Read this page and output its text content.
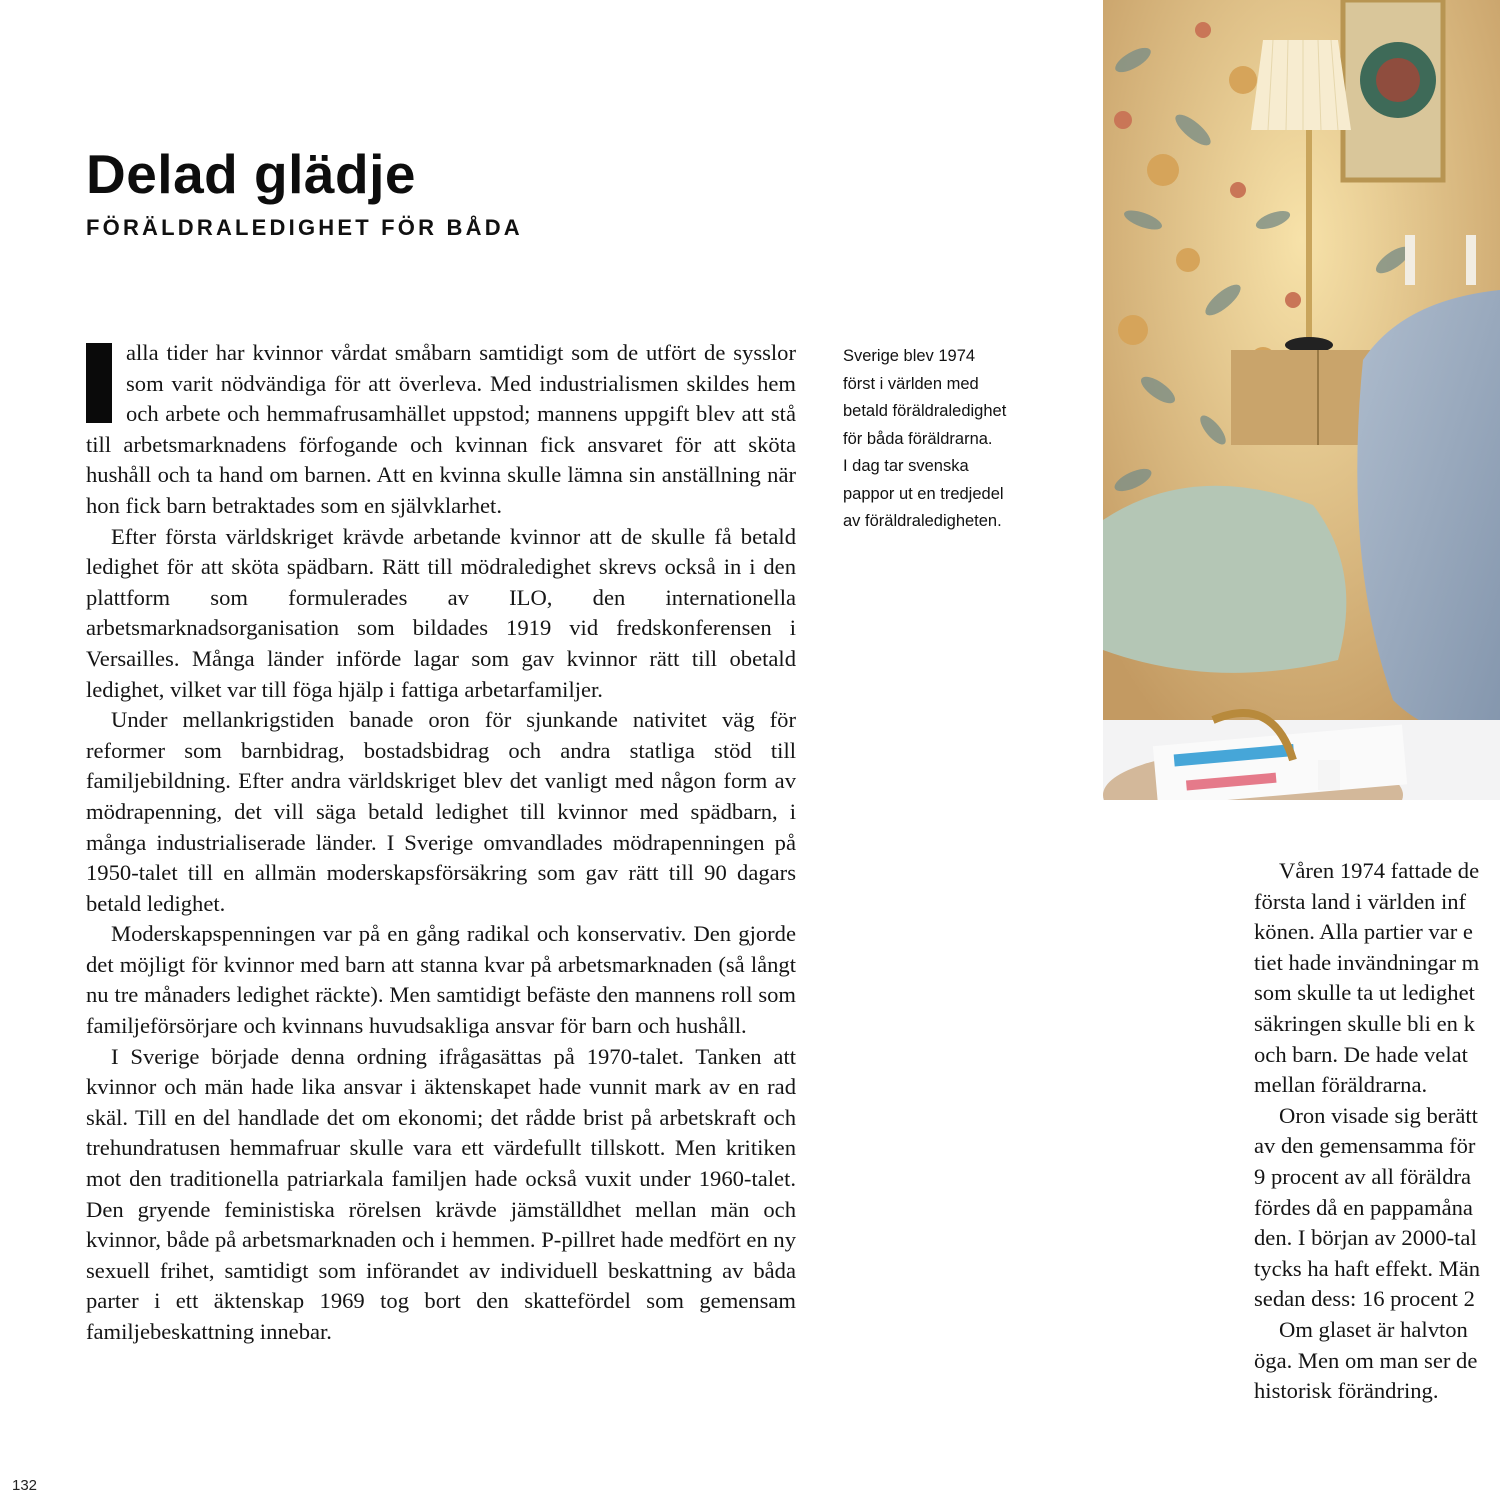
Delad glädje
FÖRÄLDRALEDIGHET FÖR BÅDA

alla tider har kvinnor vårdat småbarn samtidigt som de utfört de sysslor som varit nödvändiga för att överleva. Med industrialismen skildes hem och arbete och hemmafrusamhället uppstod; mannens uppgift blev att stå till arbetsmarknadens förfogande och kvinnan fick ansvaret för att sköta hushåll och ta hand om barnen. Att en kvinna skulle lämna sin anställning när hon fick barn betraktades som en självklarhet.

Efter första världskriget krävde arbetande kvinnor att de skulle få betald ledighet för att sköta spädbarn. Rätt till mödraledighet skrevs också in i den plattform som formulerades av ILO, den internationella arbetsmarknadsorganisation som bildades 1919 vid fredskonferensen i Versailles. Många länder införde lagar som gav kvinnor rätt till obetald ledighet, vilket var till föga hjälp i fattiga arbetarfamiljer.

Under mellankrigstiden banade oron för sjunkande nativitet väg för reformer som barnbidrag, bostadsbidrag och andra statliga stöd till familjebildning. Efter andra världskriget blev det vanligt med någon form av mödrapenning, det vill säga betald ledighet till kvinnor med spädbarn, i många industrialiserade länder. I Sverige omvandlades mödrapenningen på 1950-talet till en allmän moderskapsförsäkring som gav rätt till 90 dagars betald ledighet.

Moderskapspenningen var på en gång radikal och konservativ. Den gjorde det möjligt för kvinnor med barn att stanna kvar på arbetsmarknaden (så långt nu tre månaders ledighet räckte). Men samtidigt befäste den mannens roll som familjeförsörjare och kvinnans huvudsakliga ansvar för barn och hushåll.

I Sverige började denna ordning ifrågasättas på 1970-talet. Tanken att kvinnor och män hade lika ansvar i äktenskapet hade vunnit mark av en rad skäl. Till en del handlade det om ekonomi; det rådde brist på arbetskraft och trehundratusen hemmafruar skulle vara ett värdefullt tillskott. Men kritiken mot den traditionella patriarkala familjen hade också vuxit under 1960-talet. Den gryende feministiska rörelsen krävde jämställdhet mellan män och kvinnor, både på arbetsmarknaden och i hemmen. P-pillret hade medfört en ny sexuell frihet, samtidigt som införandet av individuell beskattning av båda parter i ett äktenskap 1969 tog bort den skattefördel som gemensam familjebeskattning innebar.

Sverige blev 1974
först i världen med
betald föräldraledighet
för båda föräldrarna.
I dag tar svenska
pappor ut en tredjedel
av föräldraledigheten.
Våren 1974 fattade de
första land i världen inf
könen. Alla partier var e
tiet hade invändningar m
som skulle ta ut ledighet
säkringen skulle bli en k
och barn. De hade velat
mellan föräldrarna.
Oron visade sig berätt
av den gemensamma för
9 procent av all föräldra
fördes då en pappamåna
den. I början av 2000-tal
tycks ha haft effekt. Män
sedan dess: 16 procent 2
Om glaset är halvton
öga. Men om man ser de
historisk förändring.
132
